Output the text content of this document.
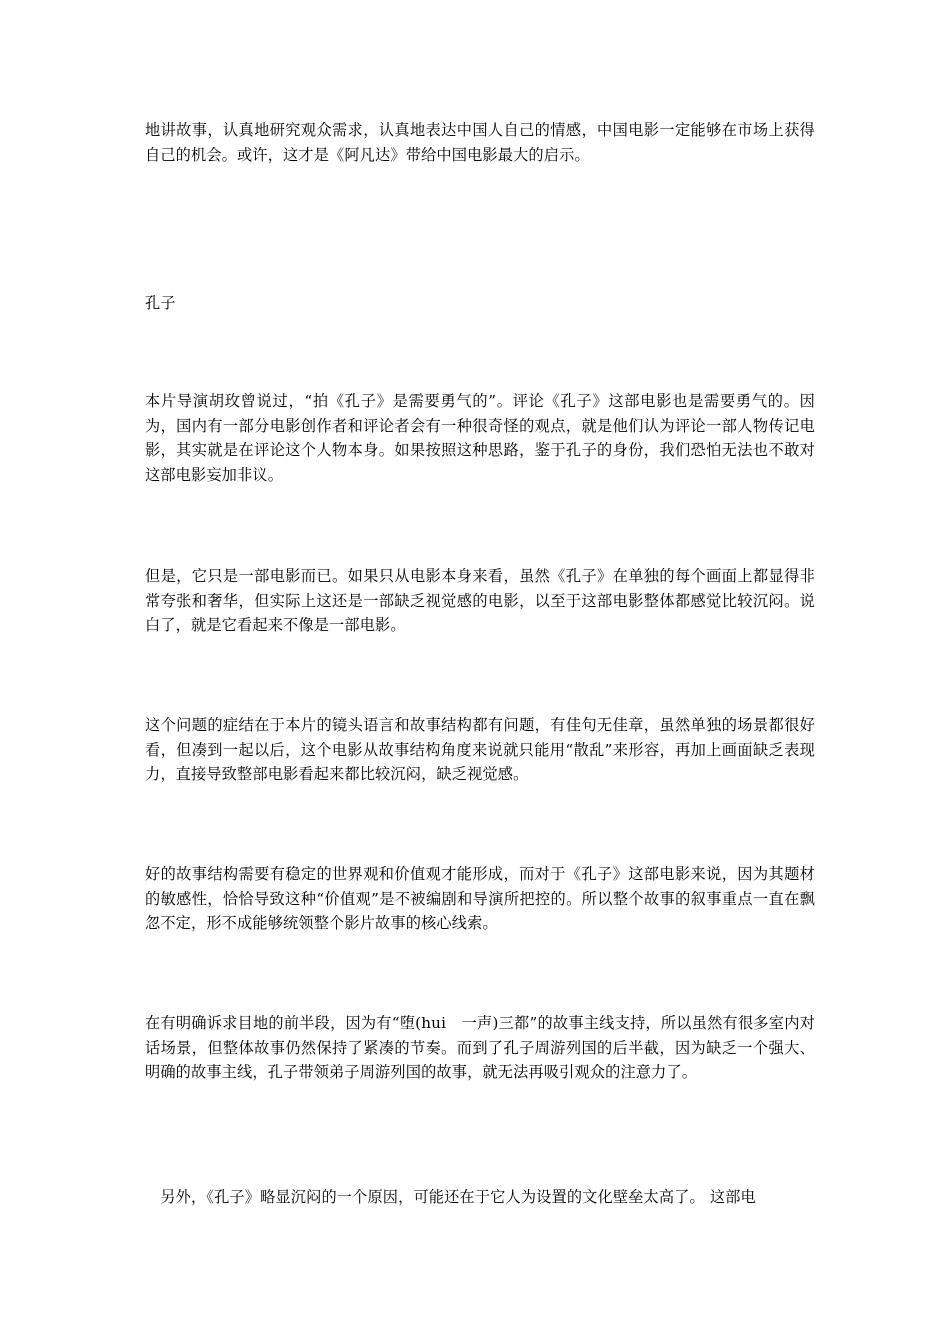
地讲故事，认真地研究观众需求，认真地表达中国人自己的情感，中国电影一定能够在市场上获得自己的机会。或许，这才是《阿凡达》带给中国电影最大的启示。

孔子

本片导演胡玫曾说过，“拍《孔子》是需要勇气的”。评论《孔子》这部电影也是需要勇气的。因为，国内有一部分电影创作者和评论者会有一种很奇怪的观点，就是他们认为评论一部人物传记电影，其实就是在评论这个人物本身。如果按照这种思路，鉴于孔子的身份，我们恐怕无法也不敢对这部电影妄加非议。

但是，它只是一部电影而已。如果只从电影本身来看，虽然《孔子》在单独的每个画面上都显得非常夸张和奢华，但实际上这还是一部缺乏视觉感的电影，以至于这部电影整体都感觉比较沉闷。说白了，就是它看起来不像是一部电影。

这个问题的症结在于本片的镜头语言和故事结构都有问题，有佳句无佳章，虽然单独的场景都很好看，但凑到一起以后，这个电影从故事结构角度来说就只能用“散乱”来形容，再加上画面缺乏表现力，直接导致整部电影看起来都比较沉闷，缺乏视觉感。

好的故事结构需要有稳定的世界观和价值观才能形成，而对于《孔子》这部电影来说，因为其题材的敏感性，恰恰导致这种“价值观”是不被编剧和导演所把控的。所以整个故事的叙事重点一直在飘忽不定，形不成能够统领整个影片故事的核心线索。

在有明确诉求目地的前半段，因为有“堕(hui　一声)三都”的故事主线支持，所以虽然有很多室内对话场景，但整体故事仍然保持了紧凑的节奏。而到了孔子周游列国的后半截，因为缺乏一个强大、明确的故事主线，孔子带领弟子周游列国的故事，就无法再吸引观众的注意力了。

　另外，《孔子》略显沉闷的一个原因，可能还在于它人为设置的文化壁垒太高了。 这部电
